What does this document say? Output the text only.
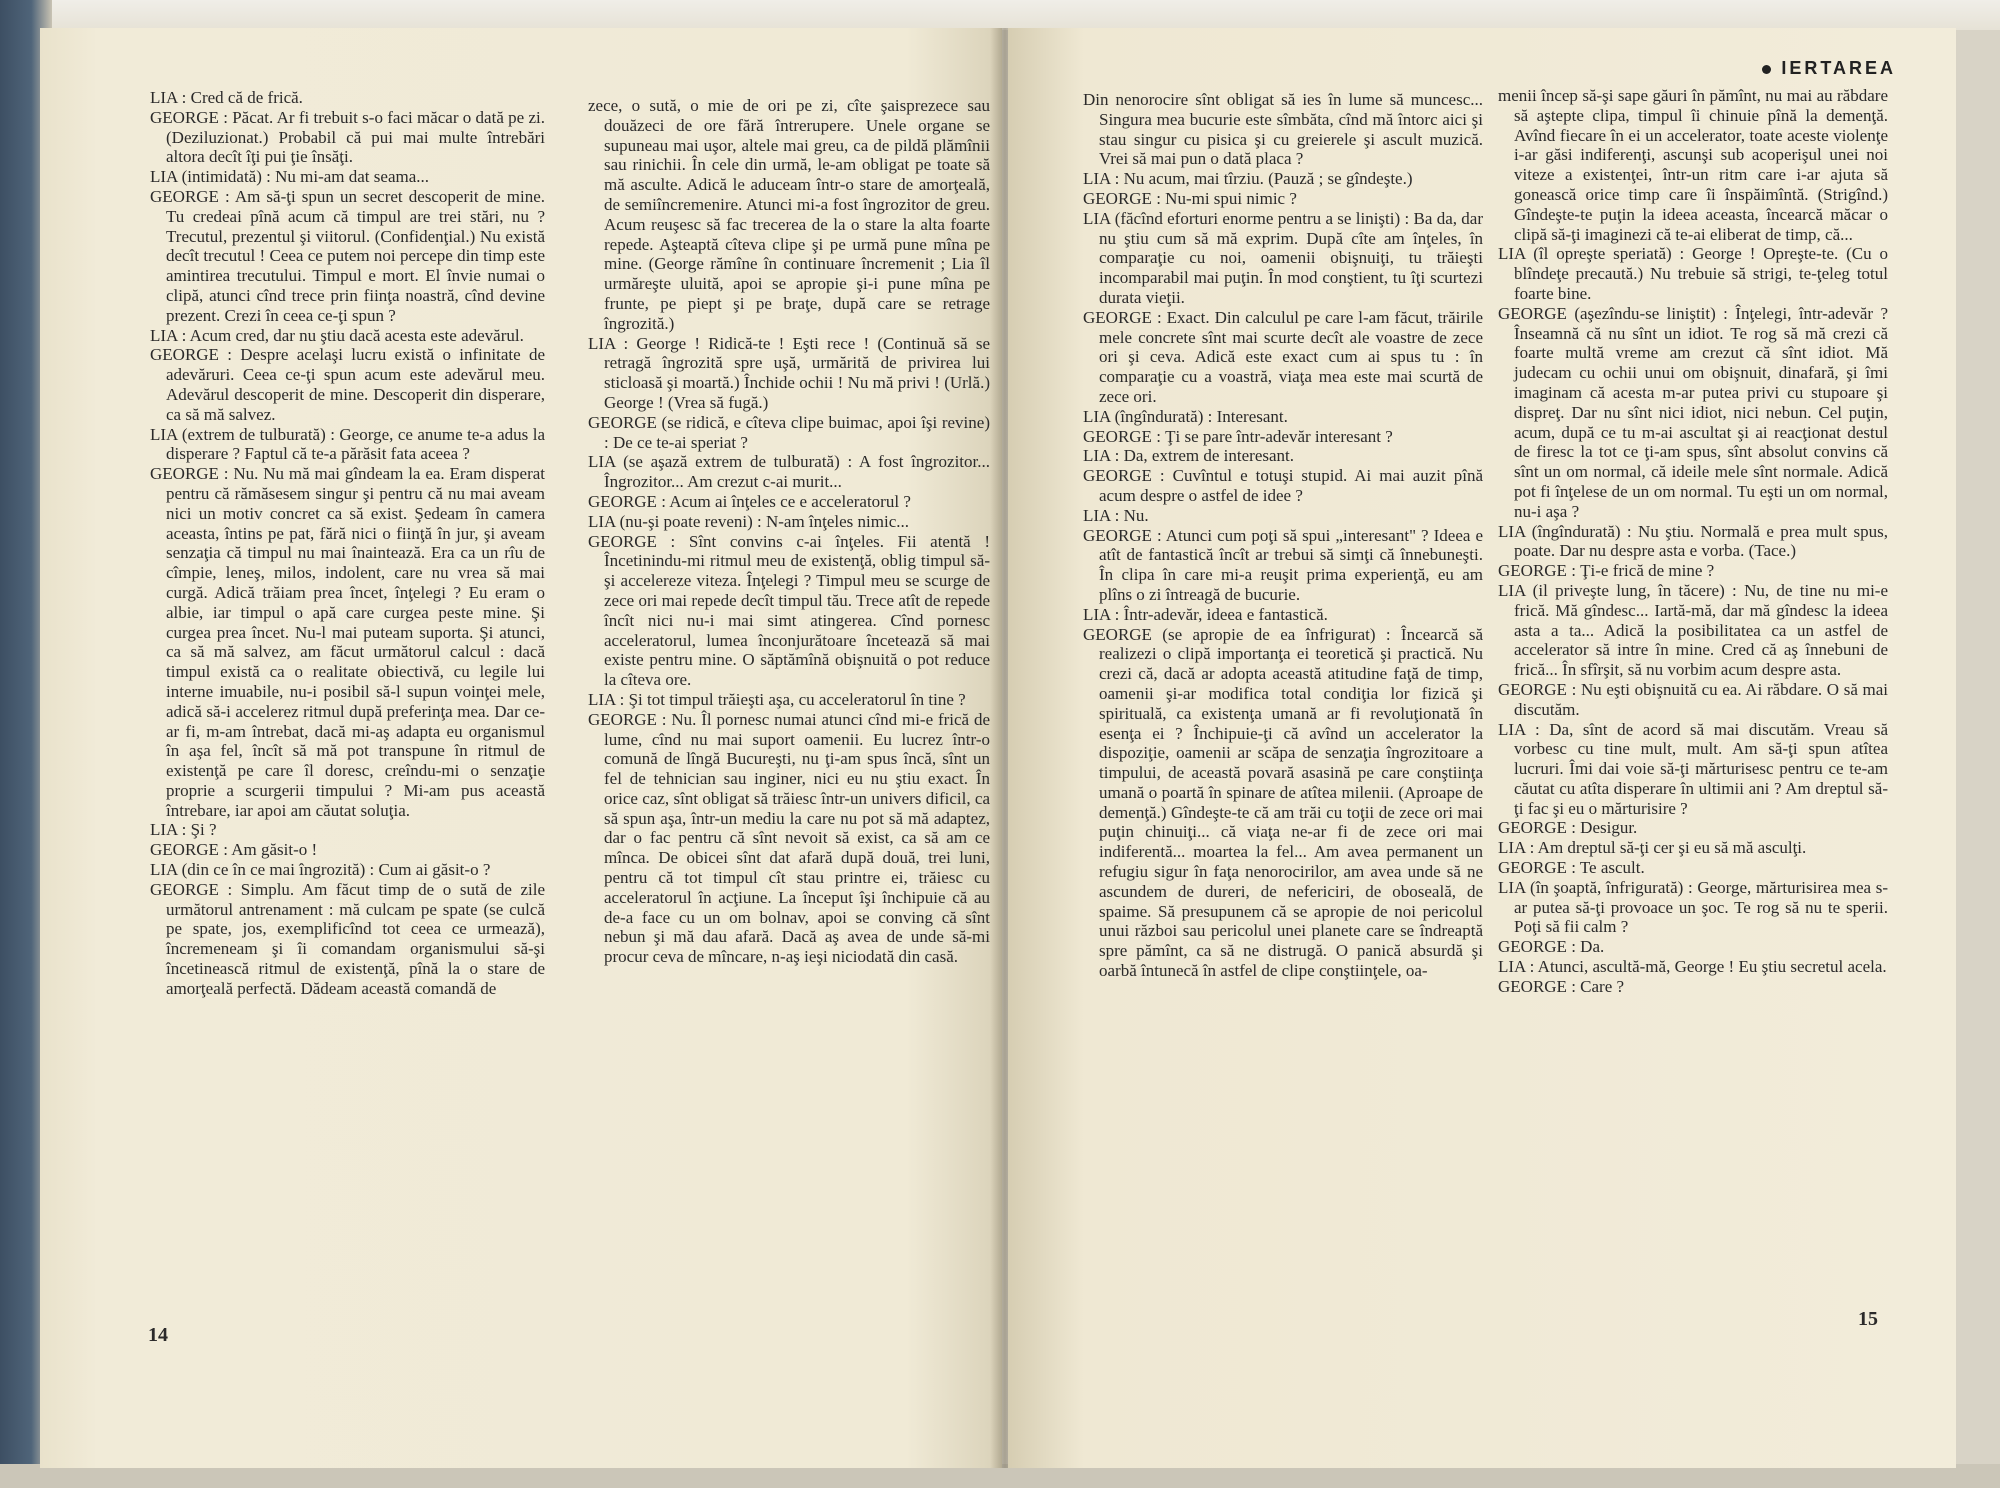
LIA : Cred că de frică.

GEORGE : Păcat. Ar fi trebuit s-o faci măcar o dată pe zi. (Deziluzionat.) Probabil că pui mai multe întrebări altora decît îţi pui ţie însăţi.

LIA (intimidată) : Nu mi-am dat seama...

GEORGE : Am să-ţi spun un secret descoperit de mine. Tu credeai pînă acum că timpul are trei stări, nu ? Trecutul, prezentul şi viitorul. (Confidenţial.) Nu există decît trecutul ! Ceea ce putem noi percepe din timp este amintirea trecutului. Timpul e mort. El învie numai o clipă, atunci cînd trece prin fiinţa noastră, cînd devine prezent. Crezi în ceea ce-ţi spun ?

LIA : Acum cred, dar nu ştiu dacă acesta este adevărul.

GEORGE : Despre acelaşi lucru există o infinitate de adevăruri. Ceea ce-ţi spun acum este adevărul meu. Adevărul descoperit de mine. Descoperit din disperare, ca să mă salvez.

LIA (extrem de tulburată) : George, ce anume te-a adus la disperare ? Faptul că te-a părăsit fata aceea ?

GEORGE : Nu. Nu mă mai gîndeam la ea. Eram disperat pentru că rămăsesem singur şi pentru că nu mai aveam nici un motiv concret ca să exist. Şedeam în camera aceasta, întins pe pat, fără nici o fiinţă în jur, şi aveam senzaţia că timpul nu mai înaintează. Era ca un rîu de cîmpie, leneş, milos, indolent, care nu vrea să mai curgă. Adică trăiam prea încet, înţelegi ? Eu eram o albie, iar timpul o apă care curgea peste mine. Şi curgea prea încet. Nu-l mai puteam suporta. Şi atunci, ca să mă salvez, am făcut următorul calcul : dacă timpul există ca o realitate obiectivă, cu legile lui interne imuabile, nu-i posibil să-l supun voinţei mele, adică să-i accelerez ritmul după preferinţa mea. Dar ce-ar fi, m-am întrebat, dacă mi-aş adapta eu organismul în aşa fel, încît să mă pot transpune în ritmul de existenţă pe care îl doresc, creîndu-mi o senzaţie proprie a scurgerii timpului ? Mi-am pus această întrebare, iar apoi am căutat soluţia.

LIA : Şi ?

GEORGE : Am găsit-o !

LIA (din ce în ce mai îngrozită) : Cum ai găsit-o ?

GEORGE : Simplu. Am făcut timp de o sută de zile următorul antrenament : mă culcam pe spate (se culcă pe spate, jos, exemplificînd tot ceea ce urmează), încremeneam şi îi comandam organismului să-şi încetinească ritmul de existenţă, pînă la o stare de amorţeală perfectă. Dădeam această comandă de

zece, o sută, o mie de ori pe zi, cîte şaisprezece sau douăzeci de ore fără întrerupere. Unele organe se supuneau mai uşor, altele mai greu, ca de pildă plămînii sau rinichii. În cele din urmă, le-am obligat pe toate să mă asculte. Adică le aduceam într-o stare de amorţeală, de semiîncremenire. Atunci mi-a fost îngrozitor de greu. Acum reuşesc să fac trecerea de la o stare la alta foarte repede. Aşteaptă cîteva clipe şi pe urmă pune mîna pe mine. (George rămîne în continuare încremenit ; Lia îl urmăreşte uluită, apoi se apropie şi-i pune mîna pe frunte, pe piept şi pe braţe, după care se retrage îngrozită.)

LIA : George ! Ridică-te ! Eşti rece ! (Continuă să se retragă îngrozită spre uşă, urmărită de privirea lui sticloasă şi moartă.) Închide ochii ! Nu mă privi ! (Urlă.) George ! (Vrea să fugă.)

GEORGE (se ridică, e cîteva clipe buimac, apoi îşi revine) : De ce te-ai speriat ?

LIA (se aşază extrem de tulburată) : A fost îngrozitor... Îngrozitor... Am crezut c-ai murit...

GEORGE : Acum ai înţeles ce e acceleratorul ?

LIA (nu-şi poate reveni) : N-am înţeles nimic...

GEORGE : Sînt convins c-ai înţeles. Fii atentă ! Încetinindu-mi ritmul meu de existenţă, oblig timpul să-şi accelereze viteza. Înţelegi ? Timpul meu se scurge de zece ori mai repede decît timpul tău. Trece atît de repede încît nici nu-i mai simt atingerea. Cînd pornesc acceleratorul, lumea înconjurătoare încetează să mai existe pentru mine. O săptămînă obişnuită o pot reduce la cîteva ore.

LIA : Şi tot timpul trăieşti aşa, cu acceleratorul în tine ?

GEORGE : Nu. Îl pornesc numai atunci cînd mi-e frică de lume, cînd nu mai suport oamenii. Eu lucrez într-o comună de lîngă Bucureşti, nu ţi-am spus încă, sînt un fel de tehnician sau inginer, nici eu nu ştiu exact. În orice caz, sînt obligat să trăiesc într-un univers dificil, ca să spun aşa, într-un mediu la care nu pot să mă adaptez, dar o fac pentru că sînt nevoit să exist, ca să am ce mînca. De obicei sînt dat afară după două, trei luni, pentru că tot timpul cît stau printre ei, trăiesc cu acceleratorul în acţiune. La început îşi închipuie că au de-a face cu un om bolnav, apoi se conving că sînt nebun şi mă dau afară. Dacă aş avea de unde să-mi procur ceva de mîncare, n-aş ieşi niciodată din casă.

14
IERTAREA

Din nenorocire sînt obligat să ies în lume să muncesc... Singura mea bucurie este sîmbăta, cînd mă întorc aici şi stau singur cu pisica şi cu greierele şi ascult muzică. Vrei să mai pun o dată placa ?

LIA : Nu acum, mai tîrziu. (Pauză ; se gîndeşte.)

GEORGE : Nu-mi spui nimic ?

LIA (făcînd eforturi enorme pentru a se linişti) : Ba da, dar nu ştiu cum să mă exprim. După cîte am înţeles, în comparaţie cu noi, oamenii obişnuiţi, tu trăieşti incomparabil mai puţin. În mod conştient, tu îţi scurtezi durata vieţii.

GEORGE : Exact. Din calculul pe care l-am făcut, trăirile mele concrete sînt mai scurte decît ale voastre de zece ori şi ceva. Adică este exact cum ai spus tu : în comparaţie cu a voastră, viaţa mea este mai scurtă de zece ori.

LIA (îngîndurată) : Interesant.

GEORGE : Ţi se pare într-adevăr interesant ?

LIA : Da, extrem de interesant.

GEORGE : Cuvîntul e totuşi stupid. Ai mai auzit pînă acum despre o astfel de idee ?

LIA : Nu.

GEORGE : Atunci cum poţi să spui „interesant" ? Ideea e atît de fantastică încît ar trebui să simţi că înnebuneşti. În clipa în care mi-a reuşit prima experienţă, eu am plîns o zi întreagă de bucurie.

LIA : Într-adevăr, ideea e fantastică.

GEORGE (se apropie de ea înfrigurat) : Încearcă să realizezi o clipă importanţa ei teoretică şi practică. Nu crezi că, dacă ar adopta această atitudine faţă de timp, oamenii şi-ar modifica total condiţia lor fizică şi spirituală, ca existenţa umană ar fi revoluţionată în esenţa ei ? Închipuie-ţi că avînd un accelerator la dispoziţie, oamenii ar scăpa de senzaţia îngrozitoare a timpului, de această povară asasină pe care conştiinţa umană o poartă în spinare de atîtea milenii. (Aproape de demenţă.) Gîndeşte-te că am trăi cu toţii de zece ori mai puţin chinuiţi... că viaţa ne-ar fi de zece ori mai indiferentă... moartea la fel... Am avea permanent un refugiu sigur în faţa nenorocirilor, am avea unde să ne ascundem de dureri, de nefericiri, de oboseală, de spaime. Să presupunem că se apropie de noi pericolul unui război sau pericolul unei planete care se îndreaptă spre pămînt, ca să ne distrugă. O panică absurdă şi oarbă întunecă în astfel de clipe conştiinţele, oa-

menii încep să-şi sape găuri în pămînt, nu mai au răbdare să aştepte clipa, timpul îi chinuie pînă la demenţă. Avînd fiecare în ei un accelerator, toate aceste violenţe i-ar găsi indiferenţi, ascunşi sub acoperişul unei noi viteze a existenţei, într-un ritm care i-ar ajuta să gonească orice timp care îi înspăimîntă. (Strigînd.) Gîndeşte-te puţin la ideea aceasta, încearcă măcar o clipă să-ţi imaginezi că te-ai eliberat de timp, că...

LIA (îl opreşte speriată) : George ! Opreşte-te. (Cu o blîndeţe precaută.) Nu trebuie să strigi, te-ţeleg totul foarte bine.

GEORGE (aşezîndu-se liniştit) : Înţelegi, într-adevăr ? Înseamnă că nu sînt un idiot. Te rog să mă crezi că foarte multă vreme am crezut că sînt idiot. Mă judecam cu ochii unui om obişnuit, dinafară, şi îmi imaginam că acesta m-ar putea privi cu stupoare şi dispreţ. Dar nu sînt nici idiot, nici nebun. Cel puţin, acum, după ce tu m-ai ascultat şi ai reacţionat destul de firesc la tot ce ţi-am spus, sînt absolut convins că sînt un om normal, că ideile mele sînt normale. Adică pot fi înţelese de un om normal. Tu eşti un om normal, nu-i aşa ?

LIA (îngîndurată) : Nu ştiu. Normală e prea mult spus, poate. Dar nu despre asta e vorba. (Tace.)

GEORGE : Ţi-e frică de mine ?

LIA (il priveşte lung, în tăcere) : Nu, de tine nu mi-e frică. Mă gîndesc... Iartă-mă, dar mă gîndesc la ideea asta a ta... Adică la posibilitatea ca un astfel de accelerator să intre în mine. Cred că aş înnebuni de frică... În sfîrşit, să nu vorbim acum despre asta.

GEORGE : Nu eşti obişnuită cu ea. Ai răbdare. O să mai discutăm.

LIA : Da, sînt de acord să mai discutăm. Vreau să vorbesc cu tine mult, mult. Am să-ţi spun atîtea lucruri. Îmi dai voie să-ţi mărturisesc pentru ce te-am căutat cu atîta disperare în ultimii ani ? Am dreptul să-ţi fac şi eu o mărturisire ?

GEORGE : Desigur.

LIA : Am dreptul să-ţi cer şi eu să mă asculţi.

GEORGE : Te ascult.

LIA (în şoaptă, înfrigurată) : George, mărturisirea mea s-ar putea să-ţi provoace un şoc. Te rog să nu te sperii. Poţi să fii calm ?

GEORGE : Da.

LIA : Atunci, ascultă-mă, George ! Eu ştiu secretul acela.

GEORGE : Care ?

15
